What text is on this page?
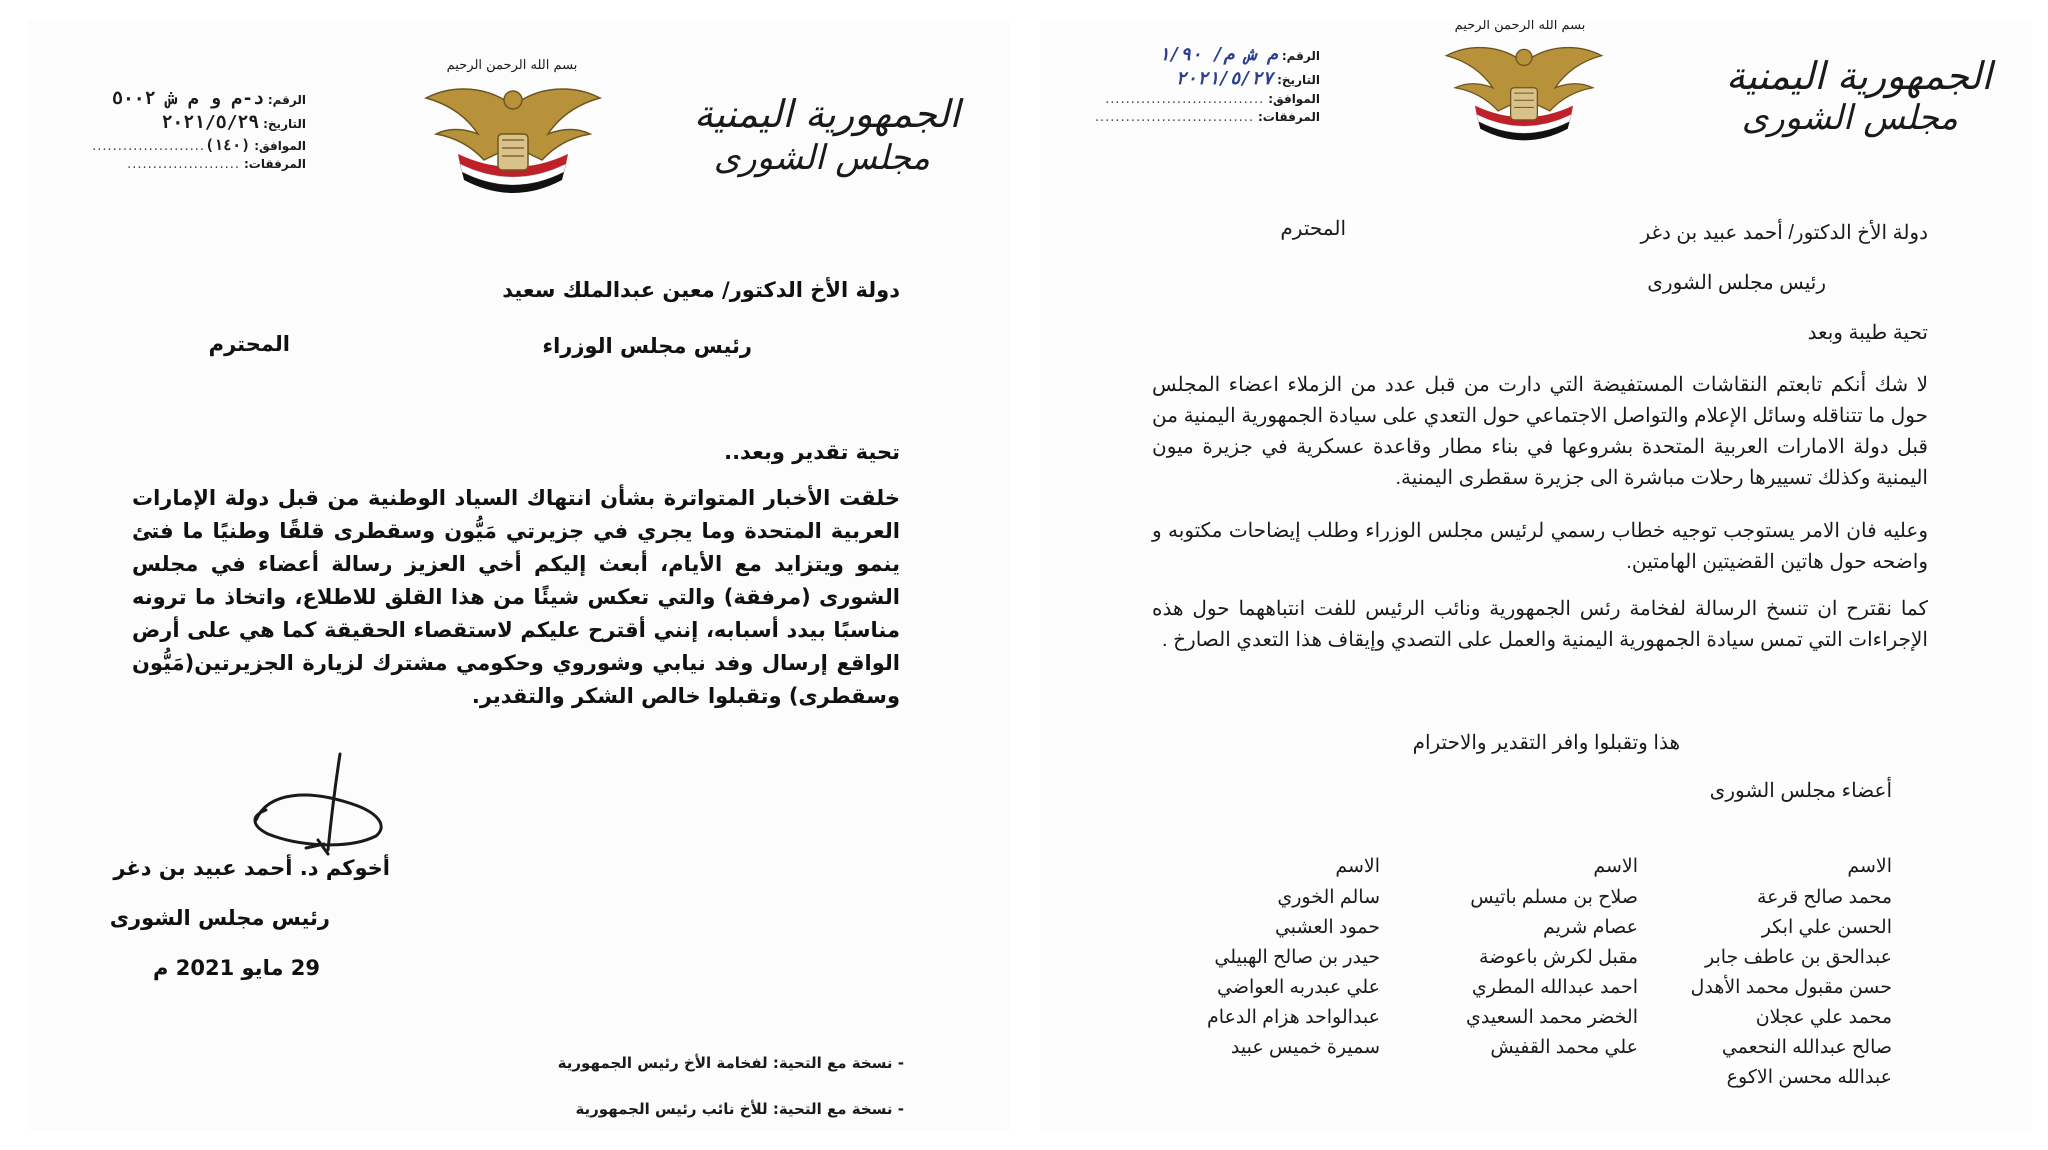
الرقم:
د-م و م ش ٥٠٠٢
التاريخ:
٢٠٢١/٥/٢٩
الموافق:
(١٤٠)
......................
المرفقات:
......................
بسم الله الرحمن الرحيم
الجمهورية اليمنية
مجلس الشورى
دولة الأخ الدكتور/ معين عبدالملك سعيد
رئيس مجلس الوزراء
المحترم
تحية تقدير وبعد..
خلقت الأخبار المتواترة بشأن انتهاك السياد الوطنية من قبل دولة الإمارات العربية المتحدة وما يجري في جزيرتي مَيُّون وسقطرى قلقًا وطنيًا ما فتئ ينمو ويتزايد مع الأيام، أبعث إليكم أخي العزيز رسالة أعضاء في مجلس الشورى (مرفقة) والتي تعكس شيئًا من هذا القلق للاطلاع، واتخاذ ما ترونه مناسبًا بيدد أسبابه، إنني أقترح عليكم لاستقصاء الحقيقة كما هي على أرض الواقع إرسال وفد نيابي وشوروي وحكومي مشترك لزيارة الجزيرتين(مَيُّون وسقطرى) وتقبلوا خالص الشكر والتقدير.
أخوكم د. أحمد عبيد بن دغر
رئيس مجلس الشورى
29 مايو 2021 م
- نسخة مع التحية: لفخامة الأخ رئيس الجمهورية
- نسخة مع التحية: للأخ نائب رئيس الجمهورية
الرقم:
م ش م/ ١/٩٠
التاريخ:
٢٠٢١/٥/٢٧
الموافق:
...............................
المرفقات:
...............................
بسم الله الرحمن الرحيم
الجمهورية اليمنية
مجلس الشورى
دولة الأخ الدكتور/ أحمد عبيد بن دغر
المحترم
رئيس مجلس الشورى
تحية طيبة وبعد
لا شك أنكم تابعتم النقاشات المستفيضة التي دارت من قبل عدد من الزملاء اعضاء المجلس حول ما تتناقله وسائل الإعلام والتواصل الاجتماعي حول التعدي على سيادة الجمهورية اليمنية من قبل دولة الامارات العربية المتحدة بشروعها في بناء مطار وقاعدة عسكرية في جزيرة ميون اليمنية وكذلك تسييرها رحلات مباشرة الى جزيرة سقطرى اليمنية.
وعليه فان الامر يستوجب توجيه خطاب رسمي لرئيس مجلس الوزراء وطلب إيضاحات مكتوبه و واضحه حول هاتين القضيتين الهامتين.
كما نقترح ان تنسخ الرسالة لفخامة رئس الجمهورية ونائب الرئيس للفت انتباههما حول هذه الإجراءات التي تمس سيادة الجمهورية اليمنية والعمل على التصدي وإيقاف هذا التعدي الصارخ .
هذا وتقبلوا وافر التقدير والاحترام
أعضاء مجلس الشورى
الاسم
محمد صالح قرعة
الحسن علي ابكر
عبدالحق بن عاطف جابر
حسن مقبول محمد الأهدل
محمد علي عجلان
صالح عبدالله النحعمي
عبدالله محسن الاكوع
الاسم
صلاح بن مسلم باتيس
عصام شريم
مقبل لكرش باعوضة
احمد عبدالله المطري
الخضر محمد السعيدي
علي محمد القفيش
الاسم
سالم الخوري
حمود العشبي
حيدر بن صالح الهبيلي
علي عبدربه العواضي
عبدالواحد هزام الدعام
سميرة خميس عبيد
